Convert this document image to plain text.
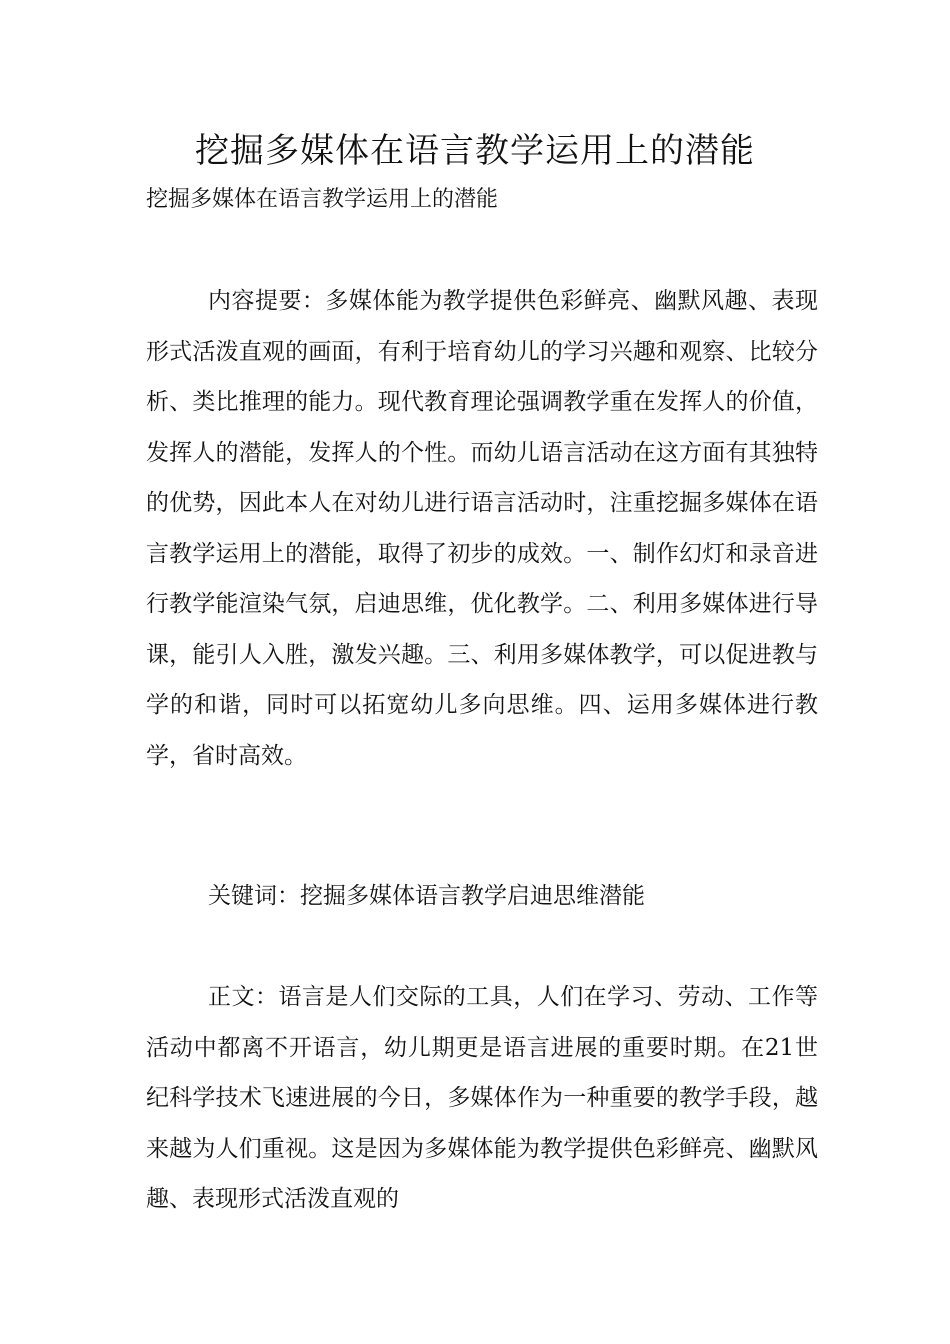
挖掘多媒体在语言教学运用上的潜能

挖掘多媒体在语言教学运用上的潜能

内容提要：多媒体能为教学提供色彩鲜亮、幽默风趣、表现形式活泼直观的画面，有利于培育幼儿的学习兴趣和观察、比较分析、类比推理的能力。现代教育理论强调教学重在发挥人的价值，发挥人的潜能，发挥人的个性。而幼儿语言活动在这方面有其独特的优势，因此本人在对幼儿进行语言活动时，注重挖掘多媒体在语言教学运用上的潜能，取得了初步的成效。一、制作幻灯和录音进行教学能渲染气氛，启迪思维，优化教学。二、利用多媒体进行导课，能引人入胜，激发兴趣。三、利用多媒体教学，可以促进教与学的和谐，同时可以拓宽幼儿多向思维。四、运用多媒体进行教学，省时高效。

关键词：挖掘多媒体语言教学启迪思维潜能

正文：语言是人们交际的工具，人们在学习、劳动、工作等活动中都离不开语言，幼儿期更是语言进展的重要时期。在21世纪科学技术飞速进展的今日，多媒体作为一种重要的教学手段，越来越为人们重视。这是因为多媒体能为教学提供色彩鲜亮、幽默风趣、表现形式活泼直观的
